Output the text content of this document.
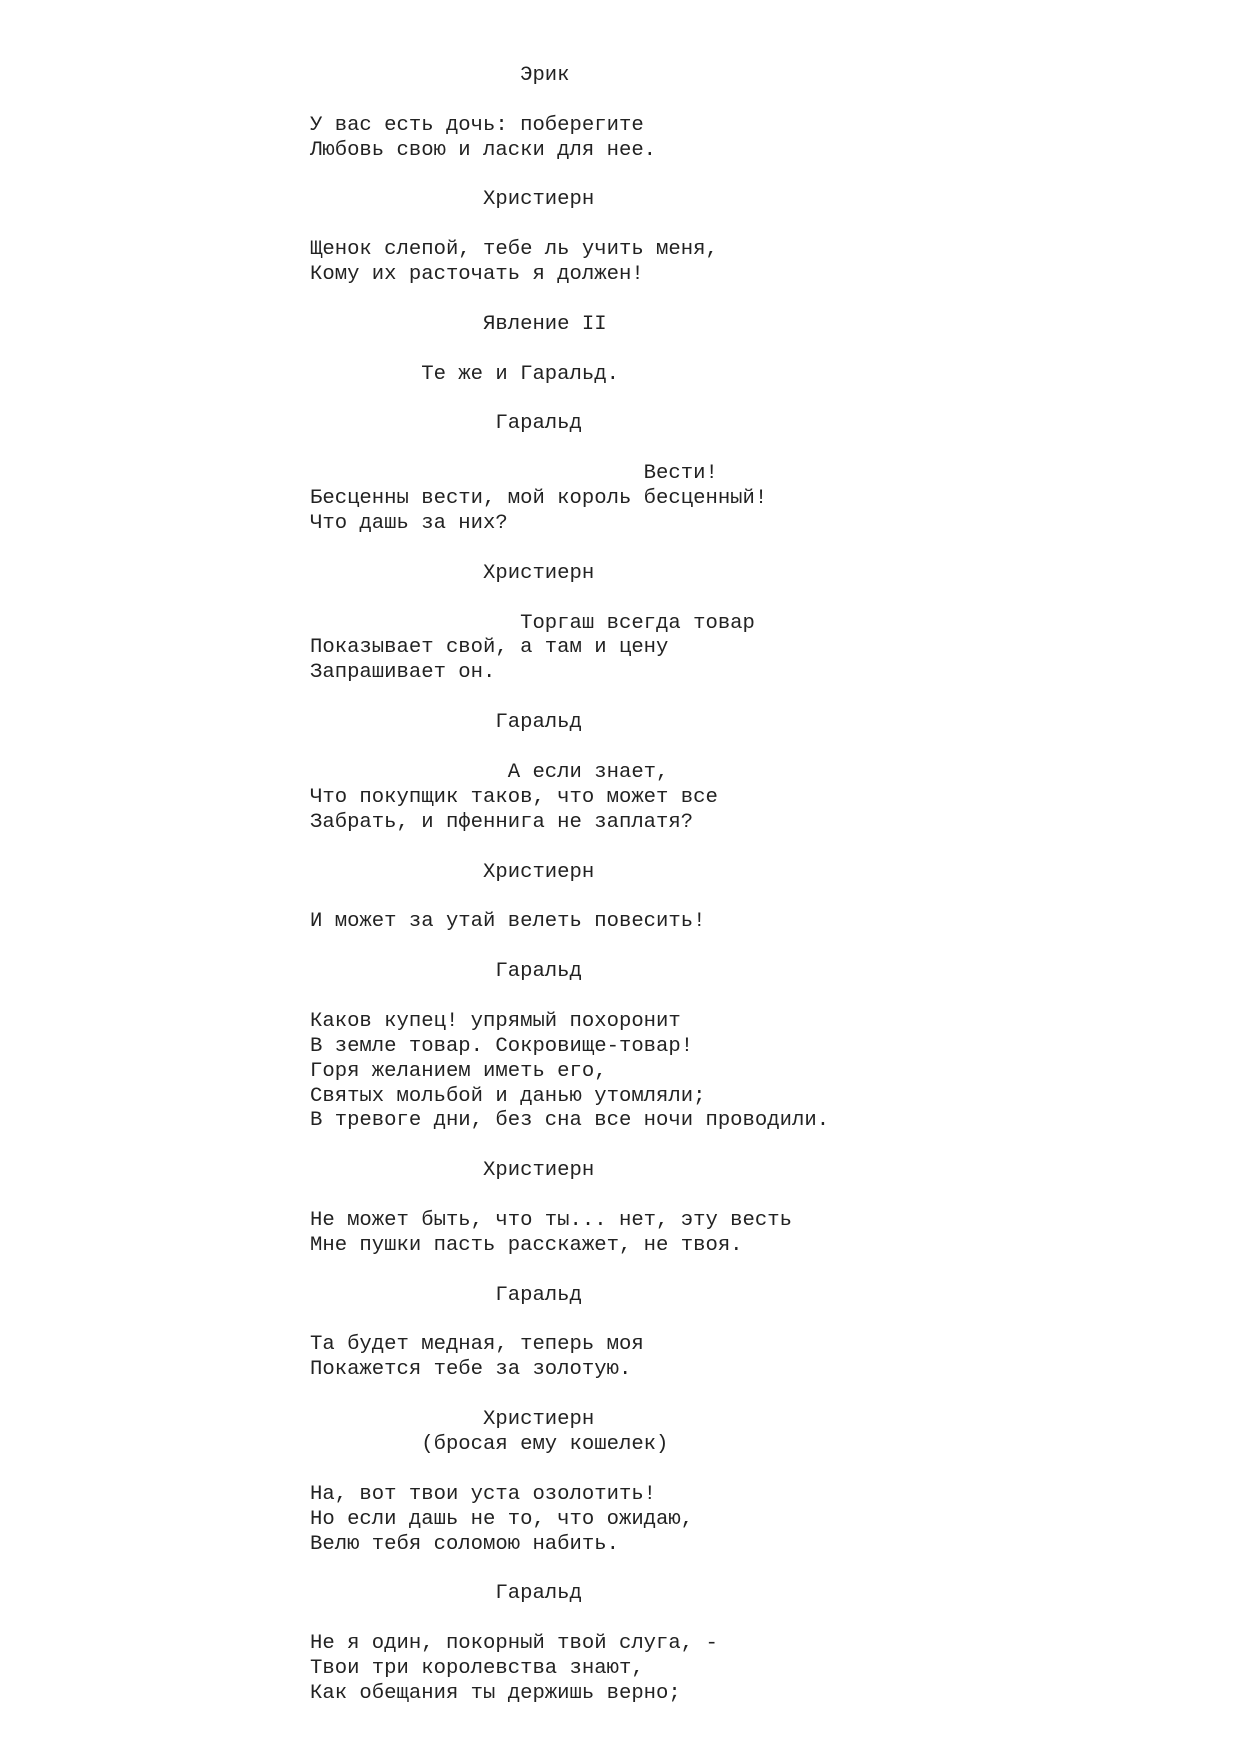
Эрик
У вас есть дочь: поберегите
Любовь свою и ласки для нее.
Христиерн
Щенок слепой, тебе ль учить меня,
Кому их расточать я должен!
Явление II
Те же и Гаральд.
Гаральд
Вести!
Бесценны вести, мой король бесценный!
Что дашь за них?
Христиерн
Торгаш всегда товар
Показывает свой, а там и цену
Запрашивает он.
Гаральд
А если знает,
Что покупщик таков, что может все
Забрать, и пфеннига не заплатя?
Христиерн
И может за утай велеть повесить!
Гаральд
Каков купец! упрямый похоронит
В земле товар. Сокровище-товар!
Горя желанием иметь его,
Святых мольбой и данью утомляли;
В тревоге дни, без сна все ночи проводили.
Христиерн
Не может быть, что ты... нет, эту весть
Мне пушки пасть расскажет, не твоя.
Гаральд
Та будет медная, теперь моя
Покажется тебе за золотую.
Христиерн
(бросая ему кошелек)
На, вот твои уста озолотить!
Но если дашь не то, что ожидаю,
Велю тебя соломою набить.
Гаральд
Не я один, покорный твой слуга, -
Твои три королевства знают,
Как обещания ты держишь верно;
